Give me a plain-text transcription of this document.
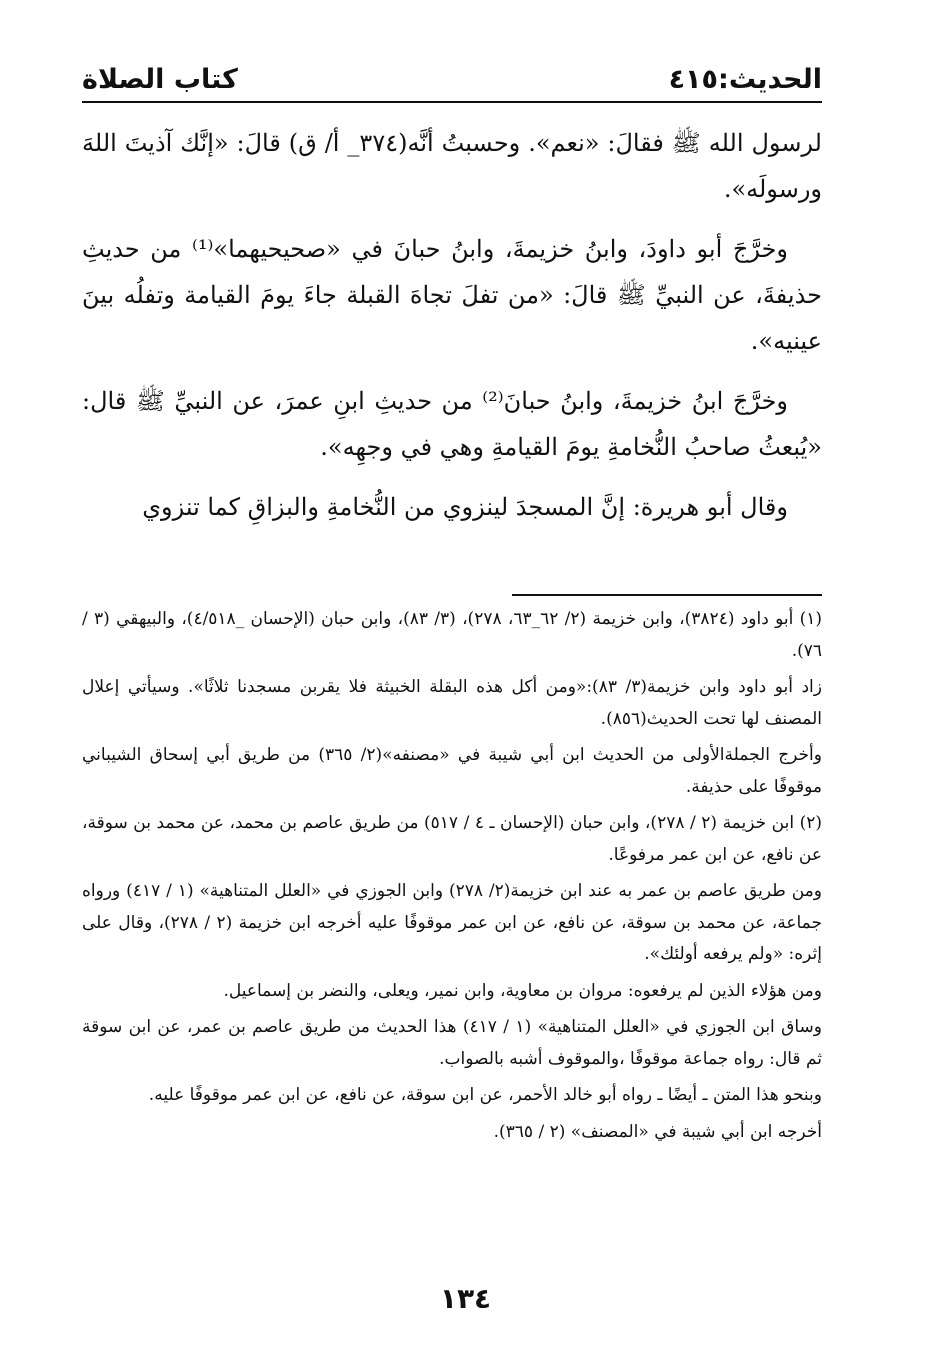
الحديث:٤١٥
كتاب الصلاة

لرسول الله ﷺ فقالَ: «نعم». وحسبتُ أنَّه(٣٧٤_ أ/ ق) قالَ: «إنَّك آذيتَ اللهَ ورسولَه».

وخرَّجَ أبو داودَ، وابنُ خزيمةَ، وابنُ حبانَ في «صحيحيهما»⁽¹⁾ من حديثِ حذيفةَ، عن النبيِّ ﷺ قالَ: «من تفلَ تجاهَ القبلة جاءَ يومَ القيامة وتفلُه بينَ عينيه».

وخرَّجَ ابنُ خزيمةَ، وابنُ حبانَ⁽²⁾ من حديثِ ابنِ عمرَ، عن النبيِّ ﷺ قال: «يُبعثُ صاحبُ النُّخامةِ يومَ القيامةِ وهي في وجهِه».

وقال أبو هريرة: إنَّ المسجدَ لينزوي من النُّخامةِ والبزاقِ كما تنزوي

(١) أبو داود (٣٨٢٤)، وابن خزيمة (٢/ ٦٢_٦٣، ٢٧٨)، (٣/ ٨٣)، وابن حبان (الإحسان _٤/٥١٨)، والبيهقي (٣ / ٧٦).

زاد أبو داود وابن خزيمة(٣/ ٨٣):«ومن أكل هذه البقلة الخبيثة فلا يقربن مسجدنا ثلاثًا». وسيأتي إعلال المصنف لها تحت الحديث(٨٥٦).

وأخرج الجملةالأولى من الحديث ابن أبي شيبة في «مصنفه»(٢/ ٣٦٥) من طريق أبي إسحاق الشيباني موقوفًا على حذيفة.

(٢) ابن خزيمة (٢ / ٢٧٨)، وابن حبان (الإحسان ـ ٤ / ٥١٧) من طريق عاصم بن محمد، عن محمد بن سوقة، عن نافع، عن ابن عمر مرفوعًا.

ومن طريق عاصم بن عمر به عند ابن خزيمة(٢/ ٢٧٨) وابن الجوزي في «العلل المتناهية» (١ / ٤١٧) ورواه جماعة، عن محمد بن سوقة، عن نافع، عن ابن عمر موقوفًا عليه أخرجه ابن خزيمة (٢ / ٢٧٨)، وقال على إثره: «ولم يرفعه أولئك».

ومن هؤلاء الذين لم يرفعوه: مروان بن معاوية، وابن نمير، ويعلى، والنضر بن إسماعيل.

وساق ابن الجوزي في «العلل المتناهية» (١ / ٤١٧) هذا الحديث من طريق عاصم بن عمر، عن ابن سوقة ثم قال: رواه جماعة موقوفًا ،والموقوف أشبه بالصواب.

وبنحو هذا المتن ـ أيضًا ـ رواه أبو خالد الأحمر، عن ابن سوقة، عن نافع، عن ابن عمر موقوفًا عليه.

أخرجه ابن أبي شيبة في «المصنف» (٢ / ٣٦٥).

١٣٤
